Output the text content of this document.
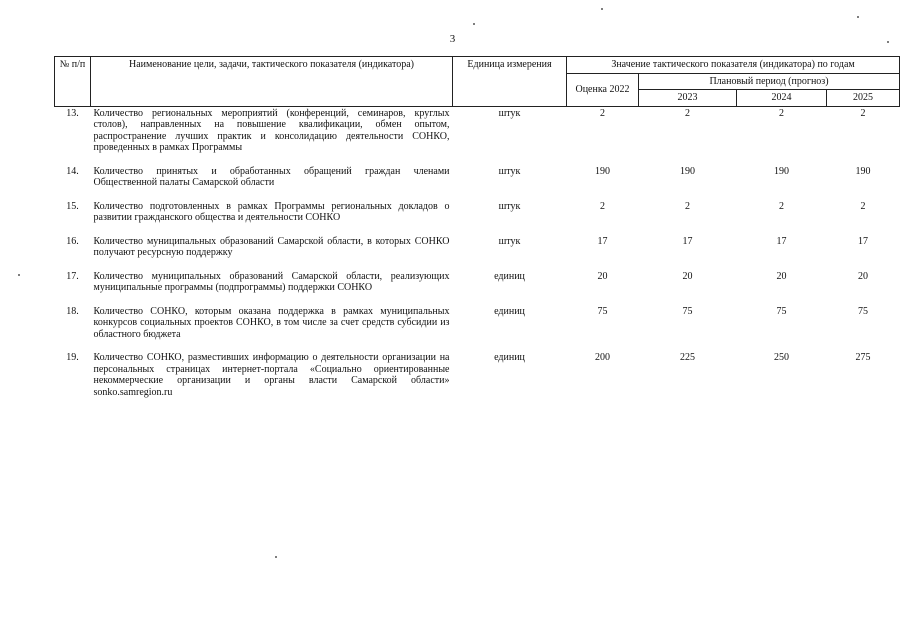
3
№ п/п	Наименование цели, задачи, тактического показателя (индикатора)	Единица измерения	Значение тактического показателя (индикатора) по годам			
			Оценка 2022	Плановый период (прогноз)		
				2023	2024	2025
13.	Количество региональных мероприятий (конференций, семинаров, круглых столов), направленных на повышение квалификации, обмен опытом, распространение лучших практик и консолидацию деятельности СОНКО, проведенных в рамках Программы	штук	2	2	2	2
14.	Количество принятых и обработанных обращений граждан членами Общественной палаты Самарской области	штук	190	190	190	190
15.	Количество подготовленных в рамках Программы региональных докладов о развитии гражданского общества и деятельности СОНКО	штук	2	2	2	2
16.	Количество муниципальных образований Самарской области, в которых СОНКО получают ресурсную поддержку	штук	17	17	17	17
17.	Количество муниципальных образований Самарской области, реализующих муниципальные программы (подпрограммы) поддержки СОНКО	единиц	20	20	20	20
18.	Количество СОНКО, которым оказана поддержка в рамках муниципальных конкурсов социальных проектов СОНКО, в том числе за счет средств субсидии из областного бюджета	единиц	75	75	75	75
19.	Количество СОНКО, разместивших информацию о деятельности организации на персональных страницах интернет-портала «Социально ориентированные некоммерческие организации и органы власти Самарской области» sonko.samregion.ru	единиц	200	225	250	275
